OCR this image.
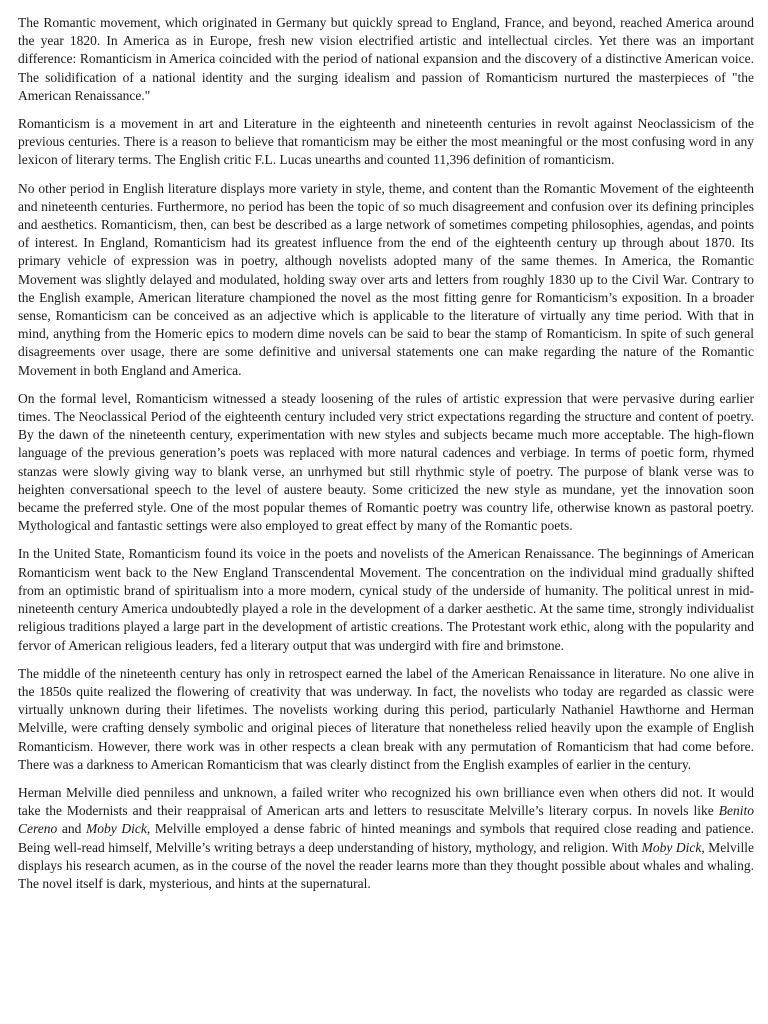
The Romantic movement, which originated in Germany but quickly spread to England, France, and beyond, reached America around the year 1820. In America as in Europe, fresh new vision electrified artistic and intellectual circles. Yet there was an important difference: Romanticism in America coincided with the period of national expansion and the discovery of a distinctive American voice. The solidification of a national identity and the surging idealism and passion of Romanticism nurtured the masterpieces of "the American Renaissance."

Romanticism is a movement in art and Literature in the eighteenth and nineteenth centuries in revolt against Neoclassicism of the previous centuries. There is a reason to believe that romanticism may be either the most meaningful or the most confusing word in any lexicon of literary terms. The English critic F.L. Lucas unearths and counted 11,396 definition of romanticism.

No other period in English literature displays more variety in style, theme, and content than the Romantic Movement of the eighteenth and nineteenth centuries. Furthermore, no period has been the topic of so much disagreement and confusion over its defining principles and aesthetics. Romanticism, then, can best be described as a large network of sometimes competing philosophies, agendas, and points of interest. In England, Romanticism had its greatest influence from the end of the eighteenth century up through about 1870. Its primary vehicle of expression was in poetry, although novelists adopted many of the same themes. In America, the Romantic Movement was slightly delayed and modulated, holding sway over arts and letters from roughly 1830 up to the Civil War. Contrary to the English example, American literature championed the novel as the most fitting genre for Romanticism’s exposition. In a broader sense, Romanticism can be conceived as an adjective which is applicable to the literature of virtually any time period. With that in mind, anything from the Homeric epics to modern dime novels can be said to bear the stamp of Romanticism. In spite of such general disagreements over usage, there are some definitive and universal statements one can make regarding the nature of the Romantic Movement in both England and America.

On the formal level, Romanticism witnessed a steady loosening of the rules of artistic expression that were pervasive during earlier times. The Neoclassical Period of the eighteenth century included very strict expectations regarding the structure and content of poetry. By the dawn of the nineteenth century, experimentation with new styles and subjects became much more acceptable. The high-flown language of the previous generation’s poets was replaced with more natural cadences and verbiage. In terms of poetic form, rhymed stanzas were slowly giving way to blank verse, an unrhymed but still rhythmic style of poetry. The purpose of blank verse was to heighten conversational speech to the level of austere beauty. Some criticized the new style as mundane, yet the innovation soon became the preferred style. One of the most popular themes of Romantic poetry was country life, otherwise known as pastoral poetry. Mythological and fantastic settings were also employed to great effect by many of the Romantic poets.

In the United State, Romanticism found its voice in the poets and novelists of the American Renaissance. The beginnings of American Romanticism went back to the New England Transcendental Movement. The concentration on the individual mind gradually shifted from an optimistic brand of spiritualism into a more modern, cynical study of the underside of humanity. The political unrest in mid-nineteenth century America undoubtedly played a role in the development of a darker aesthetic. At the same time, strongly individualist religious traditions played a large part in the development of artistic creations. The Protestant work ethic, along with the popularity and fervor of American religious leaders, fed a literary output that was undergird with fire and brimstone.

The middle of the nineteenth century has only in retrospect earned the label of the American Renaissance in literature. No one alive in the 1850s quite realized the flowering of creativity that was underway. In fact, the novelists who today are regarded as classic were virtually unknown during their lifetimes. The novelists working during this period, particularly Nathaniel Hawthorne and Herman Melville, were crafting densely symbolic and original pieces of literature that nonetheless relied heavily upon the example of English Romanticism. However, there work was in other respects a clean break with any permutation of Romanticism that had come before. There was a darkness to American Romanticism that was clearly distinct from the English examples of earlier in the century.

Herman Melville died penniless and unknown, a failed writer who recognized his own brilliance even when others did not. It would take the Modernists and their reappraisal of American arts and letters to resuscitate Melville’s literary corpus. In novels like Benito Cereno and Moby Dick, Melville employed a dense fabric of hinted meanings and symbols that required close reading and patience. Being well-read himself, Melville’s writing betrays a deep understanding of history, mythology, and religion. With Moby Dick, Melville displays his research acumen, as in the course of the novel the reader learns more than they thought possible about whales and whaling. The novel itself is dark, mysterious, and hints at the supernatural.
